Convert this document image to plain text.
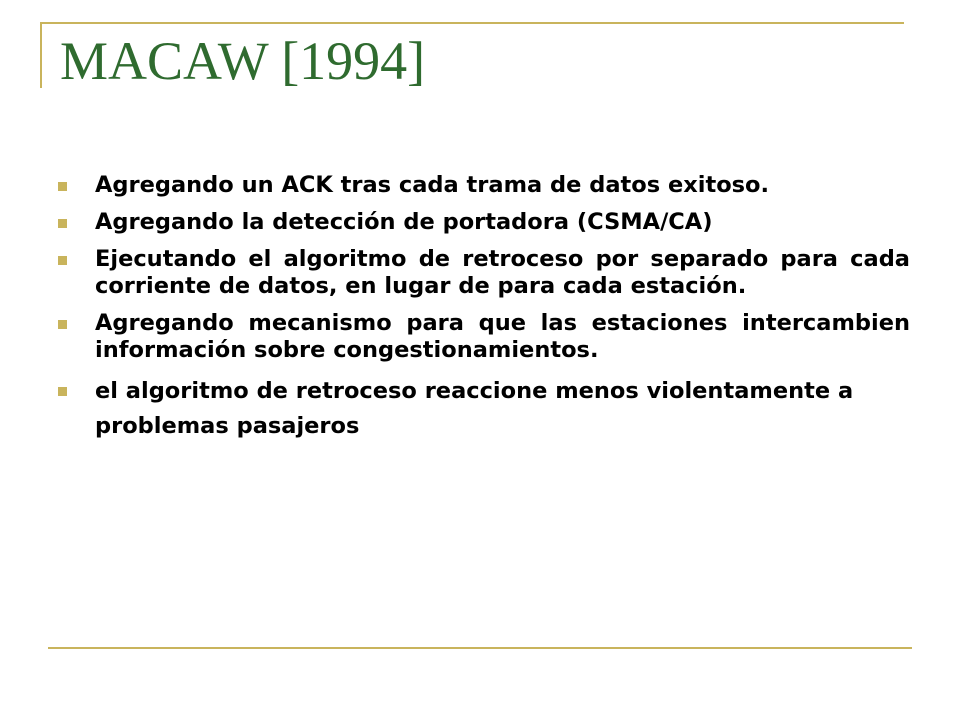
MACAW [1994]
Agregando un ACK tras cada trama de datos exitoso.
Agregando la detección de portadora (CSMA/CA)
Ejecutando el algoritmo de retroceso por separado para cada corriente de datos, en lugar de para cada estación.
Agregando mecanismo para que las estaciones intercambien información sobre congestionamientos.
el algoritmo de retroceso reaccione menos violentamente a problemas pasajeros
